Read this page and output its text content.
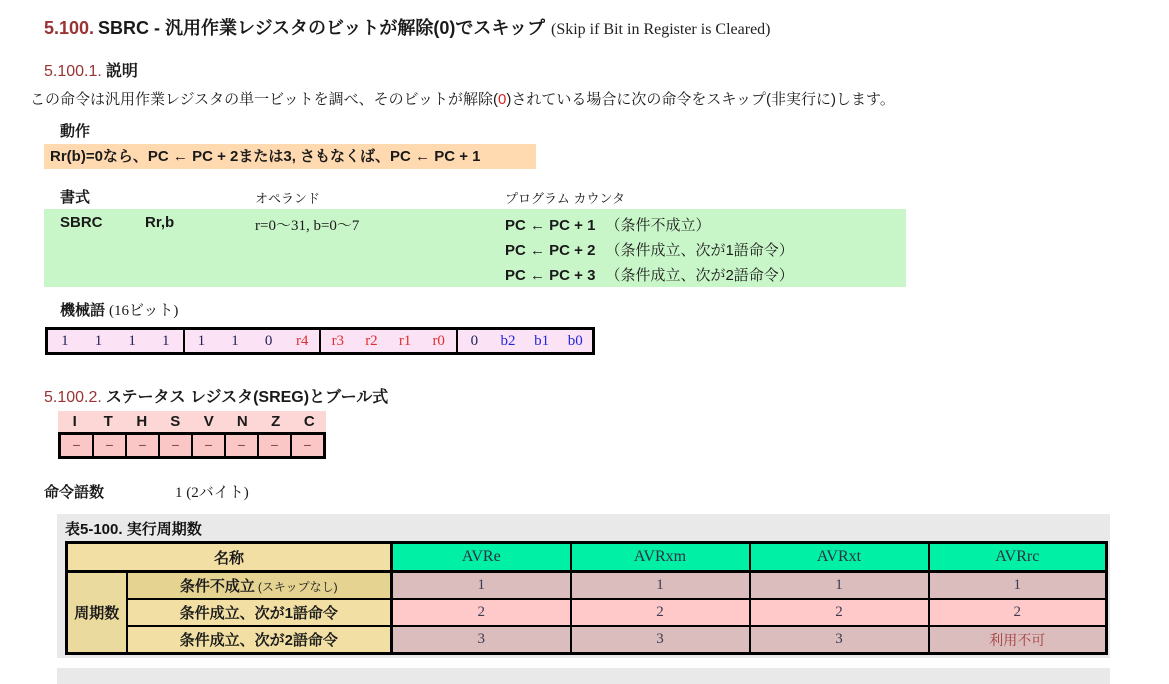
5.100. SBRC - 汎用作業レジスタのビットが解除(0)でスキップ (Skip if Bit in Register is Cleared)
5.100.1. 説明
この命令は汎用作業レジスタの単一ビットを調べ、そのビットが解除(0)されている場合に次の命令をスキップ(非実行に)します。
動作
Rr(b)=0なら、PC ← PC + 2または3, さもなくば、PC ← PC + 1
書式	オペランド	プログラム カウンタ
SBRC	Rr,b	r=0～31, b=0～7	PC ← PC + 1 （条件不成立）
PC ← PC + 2 （条件成立、次が1語命令）
PC ← PC + 3 （条件成立、次が2語命令）
機械語 (16ビット)
1	1	1	1	1	1	0	r4	r3	r2	r1	r0	0	b2	b1	b0
5.100.2. ステータス レジスタ(SREG)とブール式
I	T	H	S	V	N	Z	C
−	−	−	−	−	−	−	−
命令語数	1 (2バイト)
表5-100. 実行周期数
名称		AVRe	AVRxm	AVRxt	AVRrc
周期数	条件不成立 (スキップなし)	1	1	1	1
	条件成立、次が1語命令	2	2	2	2
	条件成立、次が2語命令	3	3	3	利用不可
